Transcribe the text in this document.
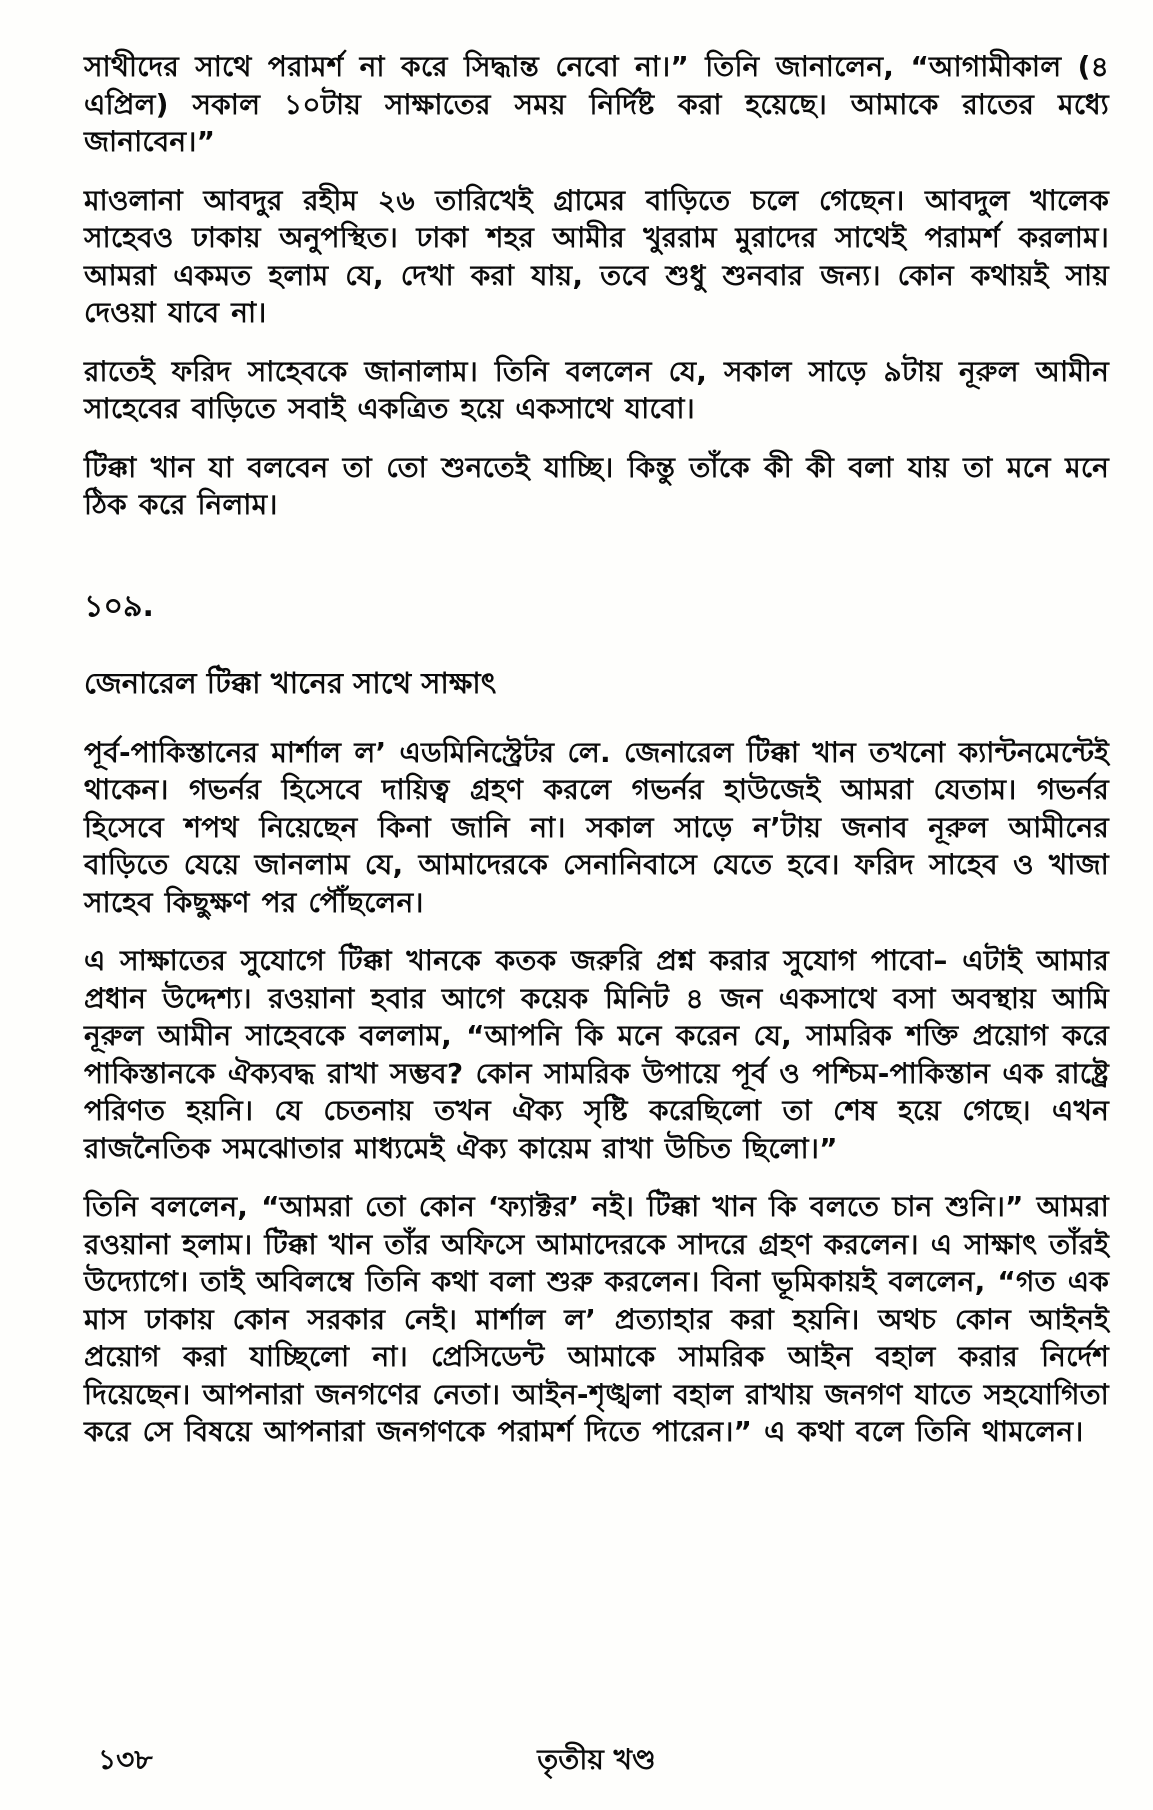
সাথীদের সাথে পরামর্শ না করে সিদ্ধান্ত নেবো না।” তিনি জানালেন, “আগামীকাল (৪ এপ্রিল) সকাল ১০টায় সাক্ষাতের সময় নির্দিষ্ট করা হয়েছে। আমাকে রাতের মধ্যে জানাবেন।”

মাওলানা আবদুর রহীম ২৬ তারিখেই গ্রামের বাড়িতে চলে গেছেন। আবদুল খালেক সাহেবও ঢাকায় অনুপস্থিত। ঢাকা শহর আমীর খুররাম মুরাদের সাথেই পরামর্শ করলাম। আমরা একমত হলাম যে, দেখা করা যায়, তবে শুধু শুনবার জন্য। কোন কথায়ই সায় দেওয়া যাবে না।

রাতেই ফরিদ সাহেবকে জানালাম। তিনি বললেন যে, সকাল সাড়ে ৯টায় নূরুল আমীন সাহেবের বাড়িতে সবাই একত্রিত হয়ে একসাথে যাবো।

টিক্কা খান যা বলবেন তা তো শুনতেই যাচ্ছি। কিন্তু তাঁকে কী কী বলা যায় তা মনে মনে ঠিক করে নিলাম।

১০৯.

জেনারেল টিক্কা খানের সাথে সাক্ষাৎ

পূর্ব-পাকিস্তানের মার্শাল ল’ এডমিনিস্ট্রেটর লে. জেনারেল টিক্কা খান তখনো ক্যান্টনমেন্টেই থাকেন। গভর্নর হিসেবে দায়িত্ব গ্রহণ করলে গভর্নর হাউজেই আমরা যেতাম। গভর্নর হিসেবে শপথ নিয়েছেন কিনা জানি না। সকাল সাড়ে ন’টায় জনাব নূরুল আমীনের বাড়িতে যেয়ে জানলাম যে, আমাদেরকে সেনানিবাসে যেতে হবে। ফরিদ সাহেব ও খাজা সাহেব কিছুক্ষণ পর পৌঁছলেন।

এ সাক্ষাতের সুযোগে টিক্কা খানকে কতক জরুরি প্রশ্ন করার সুযোগ পাবো– এটাই আমার প্রধান উদ্দেশ্য। রওয়ানা হবার আগে কয়েক মিনিট ৪ জন একসাথে বসা অবস্থায় আমি নূরুল আমীন সাহেবকে বললাম, “আপনি কি মনে করেন যে, সামরিক শক্তি প্রয়োগ করে পাকিস্তানকে ঐক্যবদ্ধ রাখা সম্ভব? কোন সামরিক উপায়ে পূর্ব ও পশ্চিম-পাকিস্তান এক রাষ্ট্রে পরিণত হয়নি। যে চেতনায় তখন ঐক্য সৃষ্টি করেছিলো তা শেষ হয়ে গেছে। এখন রাজনৈতিক সমঝোতার মাধ্যমেই ঐক্য কায়েম রাখা উচিত ছিলো।”

তিনি বললেন, “আমরা তো কোন ‘ফ্যাক্টর’ নই। টিক্কা খান কি বলতে চান শুনি।” আমরা রওয়ানা হলাম। টিক্কা খান তাঁর অফিসে আমাদেরকে সাদরে গ্রহণ করলেন। এ সাক্ষাৎ তাঁরই উদ্যোগে। তাই অবিলম্বে তিনি কথা বলা শুরু করলেন। বিনা ভূমিকায়ই বললেন, “গত এক মাস ঢাকায় কোন সরকার নেই। মার্শাল ল’ প্রত্যাহার করা হয়নি। অথচ কোন আইনই প্রয়োগ করা যাচ্ছিলো না। প্রেসিডেন্ট আমাকে সামরিক আইন বহাল করার নির্দেশ দিয়েছেন। আপনারা জনগণের নেতা। আইন-শৃঙ্খলা বহাল রাখায় জনগণ যাতে সহযোগিতা করে সে বিষয়ে আপনারা জনগণকে পরামর্শ দিতে পারেন।” এ কথা বলে তিনি থামলেন।

১৩৮	তৃতীয় খণ্ড
